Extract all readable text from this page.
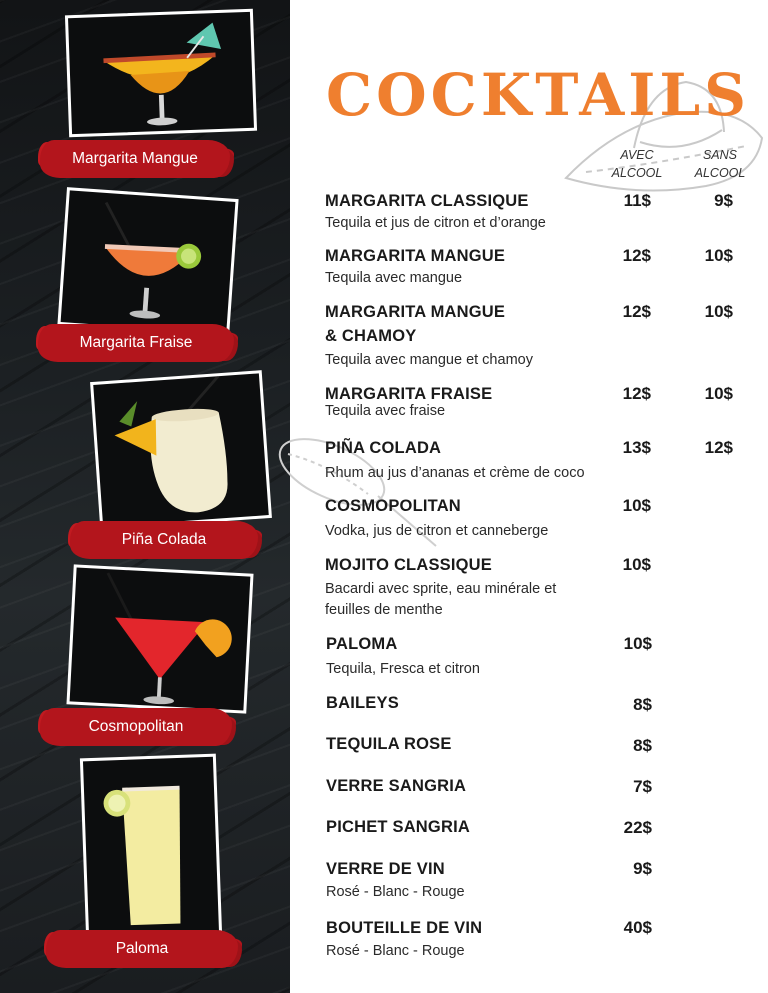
Margarita Mangue
Margarita Fraise
Piña Colada
Cosmopolitan
Paloma
COCKTAILS
AVEC
ALCOOL
SANS
ALCOOL
MARGARITA CLASSIQUE
Tequila et jus de citron et d’orange
11$	9$
MARGARITA MANGUE
Tequila avec mangue
12$	10$
MARGARITA MANGUE
& CHAMOY
Tequila avec mangue et chamoy
12$	10$
MARGARITA FRAISE
Tequila avec fraise
12$	10$
PIÑA COLADA
Rhum au jus d’ananas et crème de coco
13$	12$
COSMOPOLITAN
Vodka, jus de citron et canneberge
10$
MOJITO CLASSIQUE
Bacardi avec sprite, eau minérale et
feuilles de menthe
10$
PALOMA
Tequila, Fresca et citron
10$
BAILEYS	8$
TEQUILA ROSE	8$
VERRE SANGRIA	7$
PICHET SANGRIA	22$
VERRE DE VIN
Rosé - Blanc - Rouge
9$
BOUTEILLE DE VIN
Rosé - Blanc - Rouge
40$
